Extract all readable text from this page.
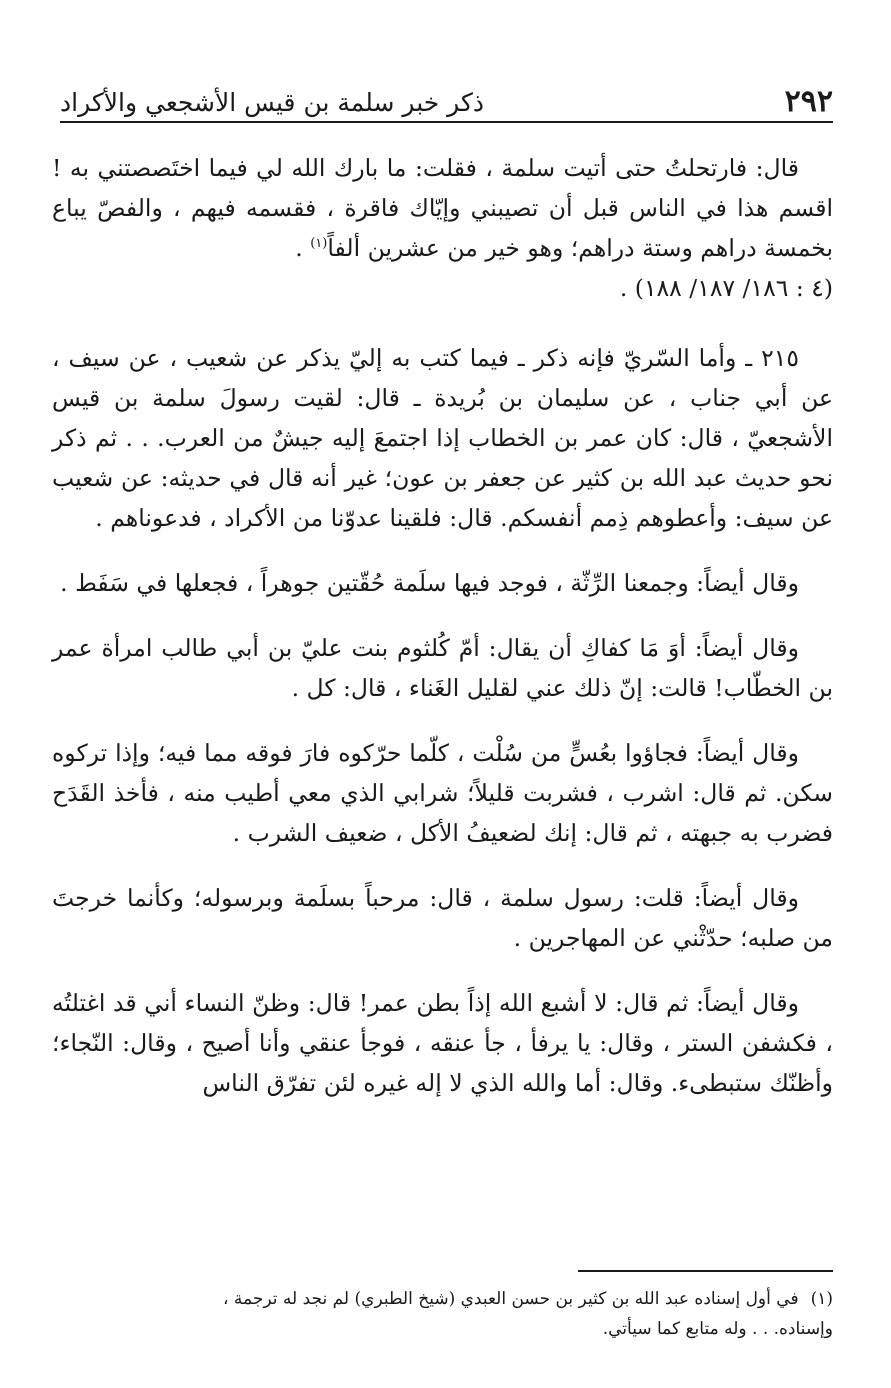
٢٩٢
ذكر خبر سلمة بن قيس الأشجعي والأكراد

قال: فارتحلتُ حتى أتيت سلمة ، فقلت: ما بارك الله لي فيما اختَصصتني به ! اقسم هذا في الناس قبل أن تصيبني وإيّاك فاقرة ، فقسمه فيهم ، والفصّ يباع بخمسة دراهم وستة دراهم؛ وهو خير من عشرين ألفاً$^{(١)}$ .
(٤ : ١٨٦/ ١٨٧/ ١٨٨) .

٢١٥ ـ وأما السّريّ فإنه ذكر ـ فيما كتب به إليّ يذكر عن شعيب ، عن سيف ، عن أبي جناب ، عن سليمان بن بُريدة ـ قال: لقيت رسولَ سلمة بن قيس الأشجعيّ ، قال: كان عمر بن الخطاب إذا اجتمعَ إليه جيشٌ من العرب. . . ثم ذكر نحو حديث عبد الله بن كثير عن جعفر بن عون؛ غير أنه قال في حديثه: عن شعيب عن سيف: وأعطوهم ذِمم أنفسكم. قال: فلقينا عدوّنا من الأكراد ، فدعوناهم .

وقال أيضاً: وجمعنا الرِّثّة ، فوجد فيها سلَمة حُقّتين جوهراً ، فجعلها في سَفَط .

وقال أيضاً: أوَ مَا كفاكِ أن يقال: أمّ كُلثوم بنت عليّ بن أبي طالب امرأة عمر بن الخطّاب! قالت: إنّ ذلك عني لقليل الغَناء ، قال: كل .

وقال أيضاً: فجاؤوا بعُسٍّ من سُلْت ، كلّما حرّكوه فارَ فوقه مما فيه؛ وإذا تركوه سكن. ثم قال: اشرب ، فشربت قليلاً؛ شرابي الذي معي أطيب منه ، فأخذ القَدَح فضرب به جبهته ، ثم قال: إنك لضعيفُ الأكل ، ضعيف الشرب .

وقال أيضاً: قلت: رسول سلمة ، قال: مرحباً بسلَمة وبرسوله؛ وكأنما خرجتَ من صلبه؛ حدّثْني عن المهاجرين .

وقال أيضاً: ثم قال: لا أشبع الله إذاً بطن عمر! قال: وظنّ النساء أني قد اغتلتُه ، فكشفن الستر ، وقال: يا يرفأ ، جأ عنقه ، فوجأ عنقي وأنا أصيح ، وقال: النّجاء؛ وأظنّك ستبطىء. وقال: أما والله الذي لا إله غيره لئن تفرّق الناس

(١)في أول إسناده عبد الله بن كثير بن حسن العبدي (شيخ الطبري) لم نجد له ترجمة ،
وإسناده. . . وله متابع كما سيأتي.
